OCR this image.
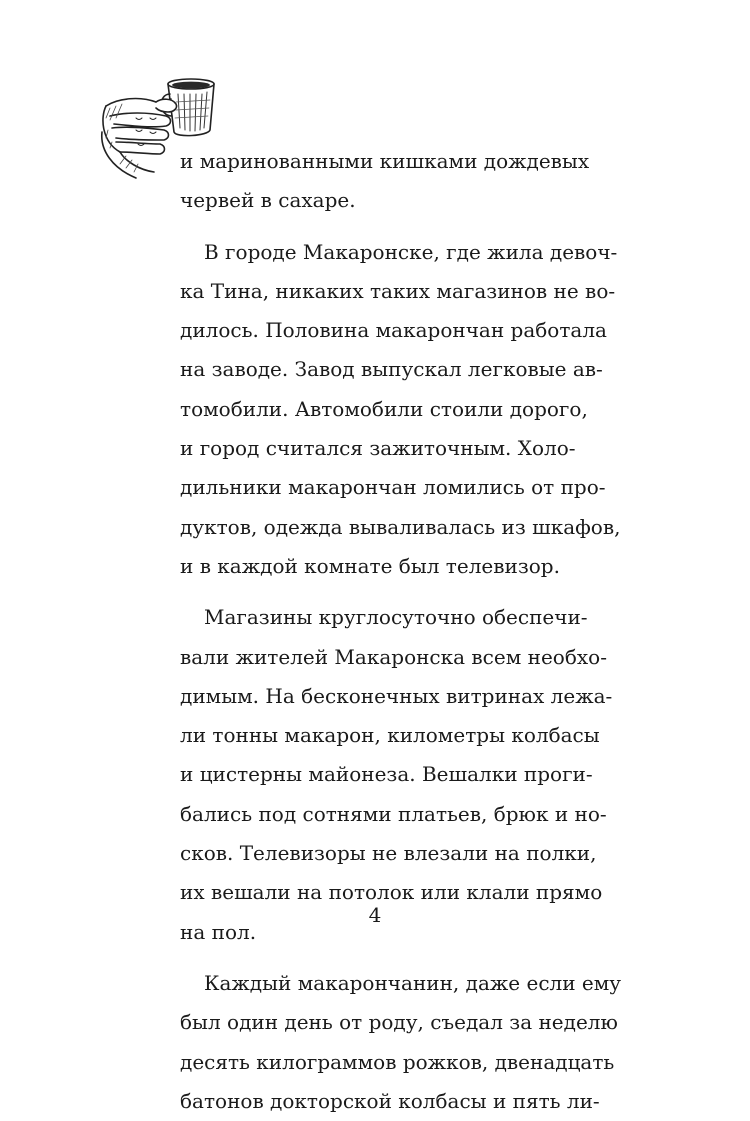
и маринованными кишками дождевых
червей в сахаре.
В городе Макаронске, где жила девоч-
ка Тина, никаких таких магазинов не во-
дилось. Половина макарончан работала
на заводе. Завод выпускал легковые ав-
томобили. Автомобили стоили дорого,
и город считался зажиточным. Холо-
дильники макарончан ломились от про-
дуктов, одежда вываливалась из шкафов,
и в каждой комнате был телевизор.
Магазины круглосуточно обеспечи-
вали жителей Макаронска всем необхо-
димым. На бесконечных витринах лежа-
ли тонны макарон, километры колбасы
и цистерны майонеза. Вешалки проги-
бались под сотнями платьев, брюк и но-
сков. Телевизоры не влезали на полки,
их вешали на потолок или клали прямо
на пол.
Каждый макарончанин, даже если ему
был один день от роду, съедал за неделю
десять килограммов рожков, двенадцать
батонов докторской колбасы и пять ли-
4
